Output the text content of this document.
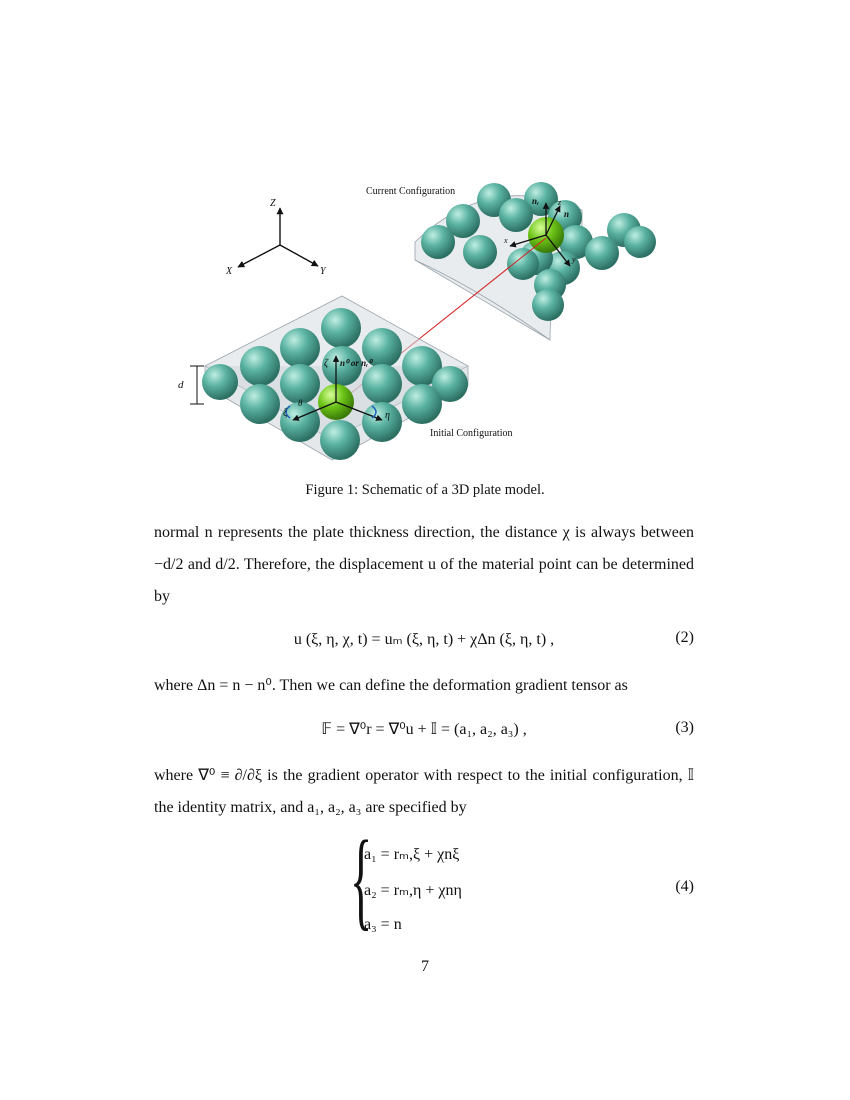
Z
X	Y
Current Configuration
nᵣ
n
z
x
y
ζ n⁰ or nᵣ⁰
ξ	η
θ
d
Initial Configuration
Figure 1: Schematic of a 3D plate model.
normal n represents the plate thickness direction, the distance χ is always between −d/2 and d/2. Therefore, the displacement u of the material point can be determined by
u (ξ, η, χ, t) = uₘ (ξ, η, t) + χΔn (ξ, η, t) ,	(2)
where Δn = n − n⁰. Then we can define the deformation gradient tensor as
𝔽 = ∇⁰r = ∇⁰u + 𝕀 = (a₁, a₂, a₃) ,	(3)
where ∇⁰ ≡ ∂/∂ξ is the gradient operator with respect to the initial configuration, 𝕀 the identity matrix, and a₁, a₂, a₃ are specified by
{
a₁ = rₘ,ξ + χnξ
a₂ = rₘ,η + χnη
a₃ = n
(4)
7
